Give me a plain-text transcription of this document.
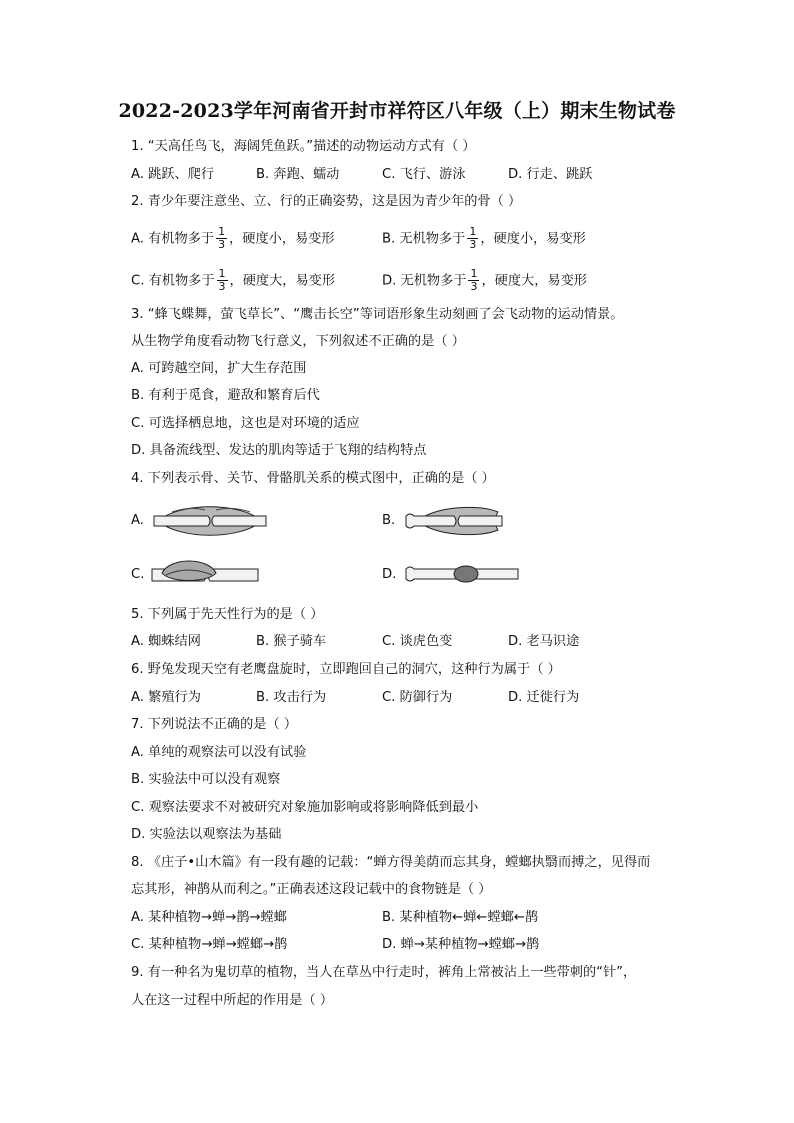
2022-2023学年河南省开封市祥符区八年级（上）期末生物试卷
1. “天高任鸟飞，海阔凭鱼跃。”描述的动物运动方式有（ ）
A. 跳跃、爬行	B. 奔跑、蠕动	C. 飞行、游泳	D. 行走、跳跃
2. 青少年要注意坐、立、行的正确姿势，这是因为青少年的骨（ ）
A. 有机物多于 $\frac{1}{3}$ ，硬度小，易变形	B. 无机物多于 $\frac{1}{3}$ ，硬度小，易变形
C. 有机物多于 $\frac{1}{3}$ ，硬度大，易变形	D. 无机物多于 $\frac{1}{3}$ ，硬度大，易变形
3. “蜂飞蝶舞，萤飞草长”、“鹰击长空”等词语形象生动刻画了会飞动物的运动情景。
从生物学角度看动物飞行意义，下列叙述不正确的是（ ）
A. 可跨越空间，扩大生存范围
B. 有利于觅食，避敌和繁育后代
C. 可选择栖息地，这也是对环境的适应
D. 具备流线型、发达的肌肉等适于飞翔的结构特点
4. 下列表示骨、关节、骨骼肌关系的模式图中，正确的是（ ）
A.	B.
C.	D.
5. 下列属于先天性行为的是（ ）
A. 蜘蛛结网	B. 猴子骑车	C. 谈虎色变	D. 老马识途
6. 野兔发现天空有老鹰盘旋时，立即跑回自己的洞穴，这种行为属于（ ）
A. 繁殖行为	B. 攻击行为	C. 防御行为	D. 迁徙行为
7. 下列说法不正确的是（ ）
A. 单纯的观察法可以没有试验
B. 实验法中可以没有观察
C. 观察法要求不对被研究对象施加影响或将影响降低到最小
D. 实验法以观察法为基础
8. 《庄子•山木篇》有一段有趣的记载：“蝉方得美荫而忘其身，螳螂执翳而搏之，见得而
忘其形，神鹊从而利之。”正确表述这段记载中的食物链是（ ）
A. 某种植物→蝉→鹊→螳螂	B. 某种植物←蝉←螳螂←鹊
C. 某种植物→蝉→螳螂→鹊	D. 蝉→某种植物→螳螂→鹊
9. 有一种名为鬼切草的植物，当人在草丛中行走时，裤角上常被沾上一些带刺的“针”，
人在这一过程中所起的作用是（ ）
